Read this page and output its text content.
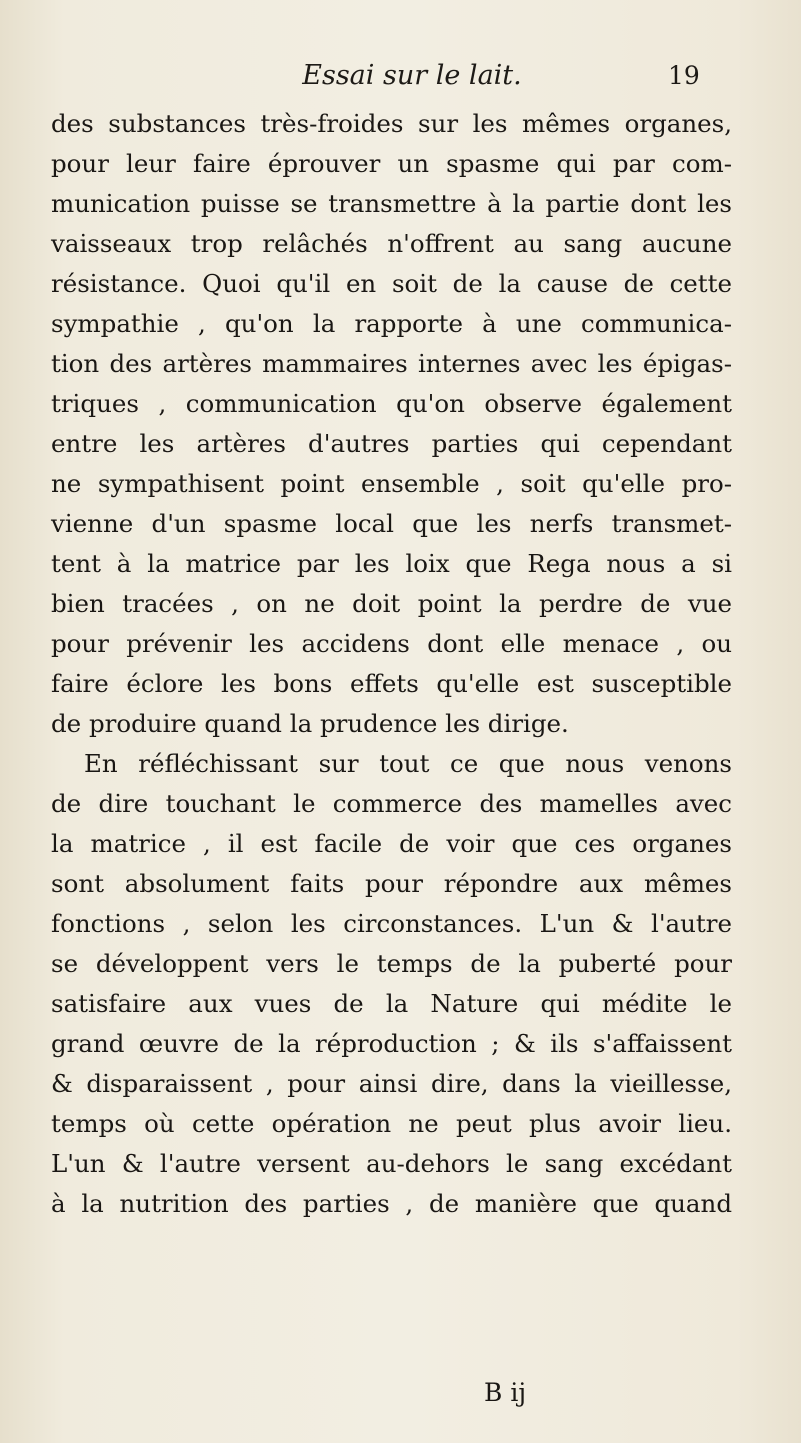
Essai sur le lait.	19
des substances très-froides sur les mêmes organes,
pour leur faire éprouver un spasme qui par com-
munication puisse se transmettre à la partie dont les
vaisseaux trop relâchés n'offrent au sang aucune
résistance. Quoi qu'il en soit de la cause de cette
sympathie , qu'on la rapporte à une communica-
tion des artères mammaires internes avec les épigas-
triques , communication qu'on observe également
entre les artères d'autres parties qui cependant
ne sympathisent point ensemble , soit qu'elle pro-
vienne d'un spasme local que les nerfs transmet-
tent à la matrice par les loix que Rega nous a si
bien tracées , on ne doit point la perdre de vue
pour prévenir les accidens dont elle menace , ou
faire éclore les bons effets qu'elle est susceptible
de produire quand la prudence les dirige.
En réfléchissant sur tout ce que nous venons
de dire touchant le commerce des mamelles avec
la matrice , il est facile de voir que ces organes
sont absolument faits pour répondre aux mêmes
fonctions , selon les circonstances. L'un & l'autre
se développent vers le temps de la puberté pour
satisfaire aux vues de la Nature qui médite le
grand œuvre de la réproduction ; & ils s'affaissent
& disparaissent , pour ainsi dire, dans la vieillesse,
temps où cette opération ne peut plus avoir lieu.
L'un & l'autre versent au-dehors le sang excédant
à la nutrition des parties , de manière que quand
B ij
